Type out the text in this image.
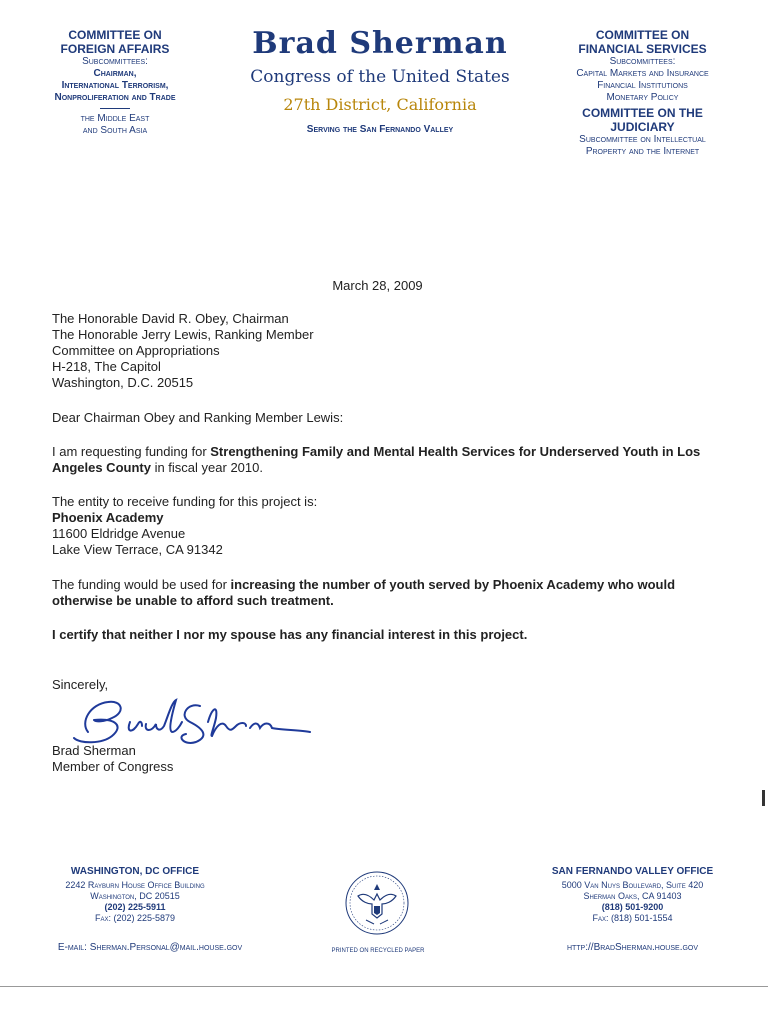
COMMITTEE ON
FOREIGN AFFAIRS
Subcommittees:
Chairman,
International Terrorism,
Nonproliferation and Trade
the Middle East
and South Asia
Brad Sherman
Congress of the United States
27th District, California
Serving the San Fernando Valley
COMMITTEE ON
FINANCIAL SERVICES
Subcommittees:
Capital Markets and Insurance
Financial Institutions
Monetary Policy
COMMITTEE ON THE
JUDICIARY
Subcommittee on Intellectual
Property and the Internet
March 28, 2009
The Honorable David R. Obey, Chairman
The Honorable Jerry Lewis, Ranking Member
Committee on Appropriations
H-218, The Capitol
Washington, D.C. 20515
Dear Chairman Obey and Ranking Member Lewis:
I am requesting funding for Strengthening Family and Mental Health Services for Underserved Youth in Los Angeles County in fiscal year 2010.
The entity to receive funding for this project is:
Phoenix Academy
11600 Eldridge Avenue
Lake View Terrace, CA 91342
The funding would be used for increasing the number of youth served by Phoenix Academy who would otherwise be unable to afford such treatment.
I certify that neither I nor my spouse has any financial interest in this project.
Sincerely,
Brad Sherman
Member of Congress
WASHINGTON, DC OFFICE
2242 Rayburn House Office Building
Washington, DC 20515
(202) 225-5911
Fax: (202) 225-5879
E-mail: Sherman.Personal@mail.house.gov	PRINTED ON RECYCLED PAPER
SAN FERNANDO VALLEY OFFICE
5000 Van Nuys Boulevard, Suite 420
Sherman Oaks, CA 91403
(818) 501-9200
Fax: (818) 501-1554
http://BradSherman.house.gov
